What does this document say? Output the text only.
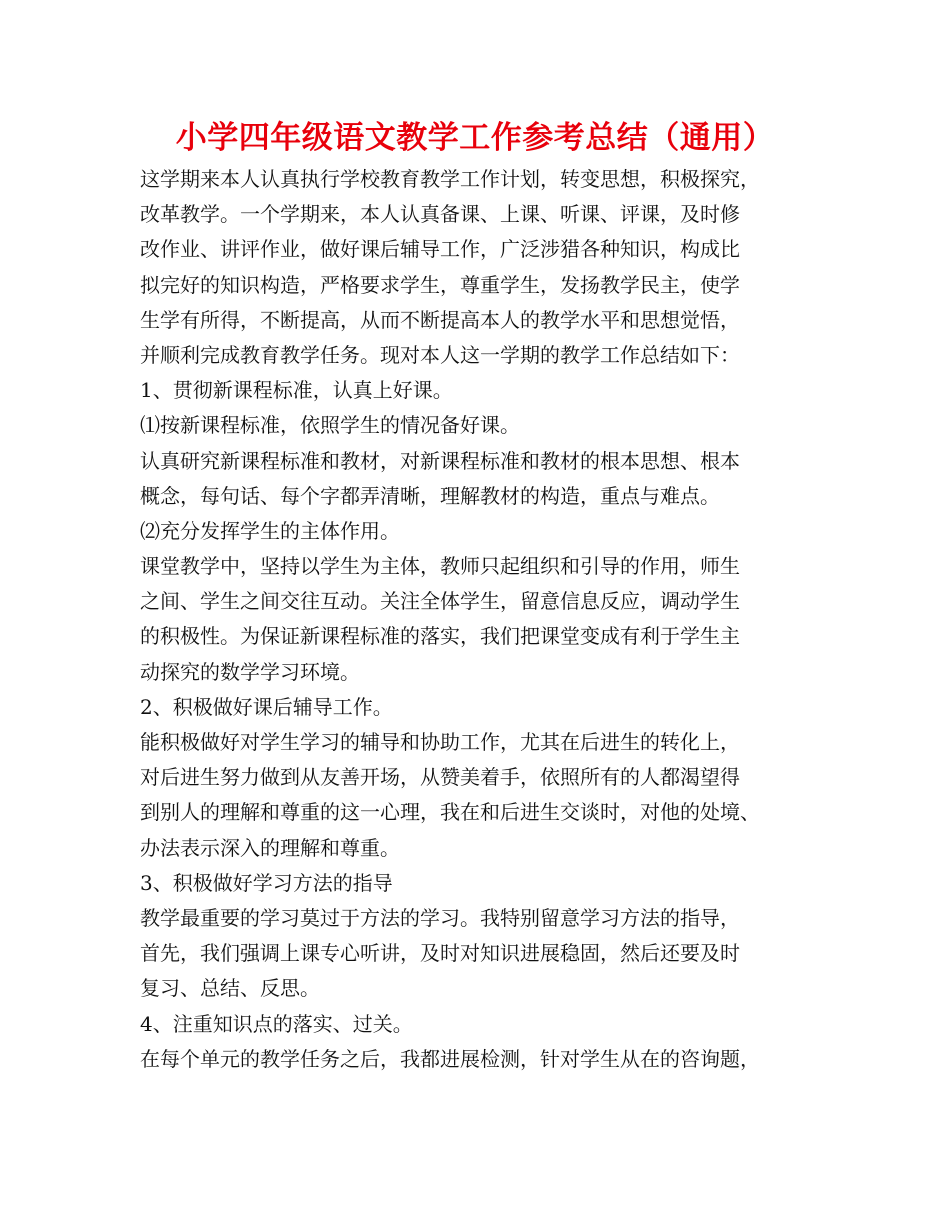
小学四年级语文教学工作参考总结（通用）
这学期来本人认真执行学校教育教学工作计划，转变思想，积极探究，
改革教学。一个学期来，本人认真备课、上课、听课、评课，及时修
改作业、讲评作业，做好课后辅导工作，广泛涉猎各种知识，构成比
拟完好的知识构造，严格要求学生，尊重学生，发扬教学民主，使学
生学有所得，不断提高，从而不断提高本人的教学水平和思想觉悟，
并顺利完成教育教学任务。现对本人这一学期的教学工作总结如下：
1、贯彻新课程标准，认真上好课。
⑴按新课程标准，依照学生的情况备好课。
认真研究新课程标准和教材，对新课程标准和教材的根本思想、根本
概念，每句话、每个字都弄清晰，理解教材的构造，重点与难点。
⑵充分发挥学生的主体作用。
课堂教学中，坚持以学生为主体，教师只起组织和引导的作用，师生
之间、学生之间交往互动。关注全体学生，留意信息反应，调动学生
的积极性。为保证新课程标准的落实，我们把课堂变成有利于学生主
动探究的数学学习环境。
2、积极做好课后辅导工作。
能积极做好对学生学习的辅导和协助工作，尤其在后进生的转化上，
对后进生努力做到从友善开场，从赞美着手，依照所有的人都渴望得
到别人的理解和尊重的这一心理，我在和后进生交谈时，对他的处境、
办法表示深入的理解和尊重。
3、积极做好学习方法的指导
教学最重要的学习莫过于方法的学习。我特别留意学习方法的指导，
首先，我们强调上课专心听讲，及时对知识进展稳固，然后还要及时
复习、总结、反思。
4、注重知识点的落实、过关。
在每个单元的教学任务之后，我都进展检测，针对学生从在的咨询题，
